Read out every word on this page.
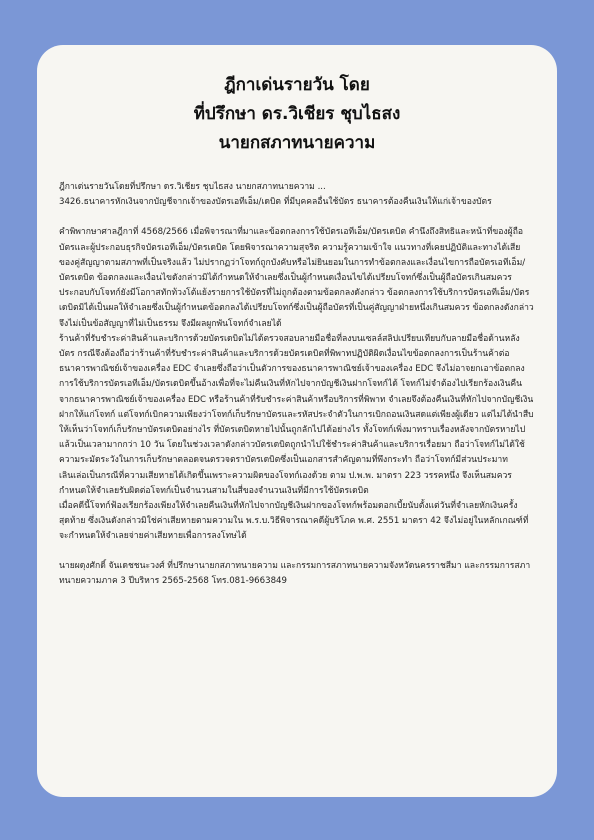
ฎีกาเด่นรายวัน โดย
ที่ปรึกษา ดร.วิเชียร ชุบไธสง
นายกสภาทนายความ

ฎีกาเด่นรายวันโดยที่ปรึกษา ดร.วิเชียร ชุบไธสง นายกสภาทนายความ ...
3426.ธนาคารหักเงินจากบัญชีจากเจ้าของบัตรเอทีเอ็ม/เดบิต ที่มีบุคคลอื่นใช้บัตร ธนาคารต้องคืนเงินให้แก่เจ้าของบัตร

คำพิพากษาศาลฎีกาที่ 4568/2566 เมื่อพิจารณาที่มาและข้อตกลงการใช้บัตรเอทีเอ็ม/บัตรเดบิต คำนึงถึงสิทธิและหน้าที่ของผู้ถือบัตรและผู้ประกอบธุรกิจบัตรเอทีเอ็ม/บัตรเดบิต โดยพิจารณาความสุจริต ความรู้ความเข้าใจ แนวทางที่เคยปฏิบัติและทางได้เสียของคู่สัญญาตามสภาพที่เป็นจริงแล้ว ไม่ปรากฏว่าโจทก์ถูกบังคับหรือไม่ยินยอมในการทำข้อตกลงและเงื่อนไขการถือบัตรเอทีเอ็ม/บัตรเดบิต ข้อตกลงและเงื่อนไขดังกล่าวมิได้กำหนดให้จำเลยซึ่งเป็นผู้กำหนดเงื่อนไขได้เปรียบโจทก์ซึ่งเป็นผู้ถือบัตรเกินสมควร ประกอบกับโจทก์ยังมีโอกาสทักท้วงโต้แย้งรายการใช้บัตรที่ไม่ถูกต้องตามข้อตกลงดังกล่าว ข้อตกลงการใช้บริการบัตรเอทีเอ็ม/บัตรเดบิตมิได้เป็นผลให้จำเลยซึ่งเป็นผู้กำหนดข้อตกลงได้เปรียบโจทก์ซึ่งเป็นผู้ถือบัตรที่เป็นคู่สัญญาฝ่ายหนึ่งเกินสมควร ข้อตกลงดังกล่าวจึงไม่เป็นข้อสัญญาที่ไม่เป็นธรรม จึงมีผลผูกพันโจทก์จำเลยได้
ร้านค้าที่รับชำระค่าสินค้าและบริการด้วยบัตรเดบิตไม่ได้ตรวจสอบลายมือชื่อที่ลงบนเซลล์สลิปเปรียบเทียบกับลายมือชื่อด้านหลังบัตร กรณีจึงต้องถือว่าร้านค้าที่รับชำระค่าสินค้าและบริการด้วยบัตรเดบิตที่พิพาทปฏิบัติผิดเงื่อนไขข้อตกลงการเป็นร้านค้าต่อธนาคารพาณิชย์เจ้าของเครื่อง EDC จำเลยซึ่งถือว่าเป็นตัวการของธนาคารพาณิชย์เจ้าของเครื่อง EDC จึงไม่อาจยกเอาข้อตกลงการใช้บริการบัตรเอทีเอ็ม/บัตรเดบิตขึ้นอ้างเพื่อที่จะไม่คืนเงินที่หักไปจากบัญชีเงินฝากโจทก์ได้ โจทก์ไม่จำต้องไปเรียกร้องเงินคืนจากธนาคารพาณิชย์เจ้าของเครื่อง EDC หรือร้านค้าที่รับชำระค่าสินค้าหรือบริการที่พิพาท จำเลยจึงต้องคืนเงินที่หักไปจากบัญชีเงินฝากให้แก่โจทก์ แต่โจทก์เบิกความเพียงว่าโจทก์เก็บรักษาบัตรและรหัสประจำตัวในการเบิกถอนเงินสดแต่เพียงผู้เดียว แต่ไม่ได้นำสืบให้เห็นว่าโจทก์เก็บรักษาบัตรเดบิตอย่างไร ที่บัตรเดบิตหายไปนั้นถูกลักไปได้อย่างไร ทั้งโจทก์เพิ่งมาทราบเรื่องหลังจากบัตรหายไปแล้วเป็นเวลามากกว่า 10 วัน โดยในช่วงเวลาดังกล่าวบัตรเดบิตถูกนำไปใช้ชำระค่าสินค้าและบริการเรื่อยมา ถือว่าโจทก์ไม่ได้ใช้ความระมัดระวังในการเก็บรักษาตลอดจนตรวจตราบัตรเดบิตซึ่งเป็นเอกสารสำคัญตามที่พึงกระทำ ถือว่าโจทก์มีส่วนประมาทเลินเล่อเป็นกรณีที่ความเสียหายได้เกิดขึ้นเพราะความผิดของโจทก์เองด้วย ตาม ป.พ.พ. มาตรา 223 วรรคหนึ่ง จึงเห็นสมควรกำหนดให้จำเลยรับผิดต่อโจทก์เป็นจำนวนสามในสี่ของจำนวนเงินที่มีการใช้บัตรเดบิต
เมื่อคดีนี้โจทก์ฟ้องเรียกร้องเพียงให้จำเลยคืนเงินที่หักไปจากบัญชีเงินฝากของโจทก์พร้อมดอกเบี้ยนับตั้งแต่วันที่จำเลยหักเงินครั้งสุดท้าย ซึ่งเงินดังกล่าวมิใช่ค่าเสียหายตามความใน พ.ร.บ.วิธีพิจารณาคดีผู้บริโภค พ.ศ. 2551 มาตรา 42 จึงไม่อยู่ในหลักเกณฑ์ที่จะกำหนดให้จำเลยจ่ายค่าเสียหายเพื่อการลงโทษได้

นายผดุงศักดิ์ จันเดชชนะวงศ์ ที่ปรึกษานายกสภาทนายความ และกรรมการสภาทนายความจังหวัดนครราชสีมา และกรรมการสภาทนายความภาค 3 ปีบริหาร 2565-2568 โทร.081-9663849
